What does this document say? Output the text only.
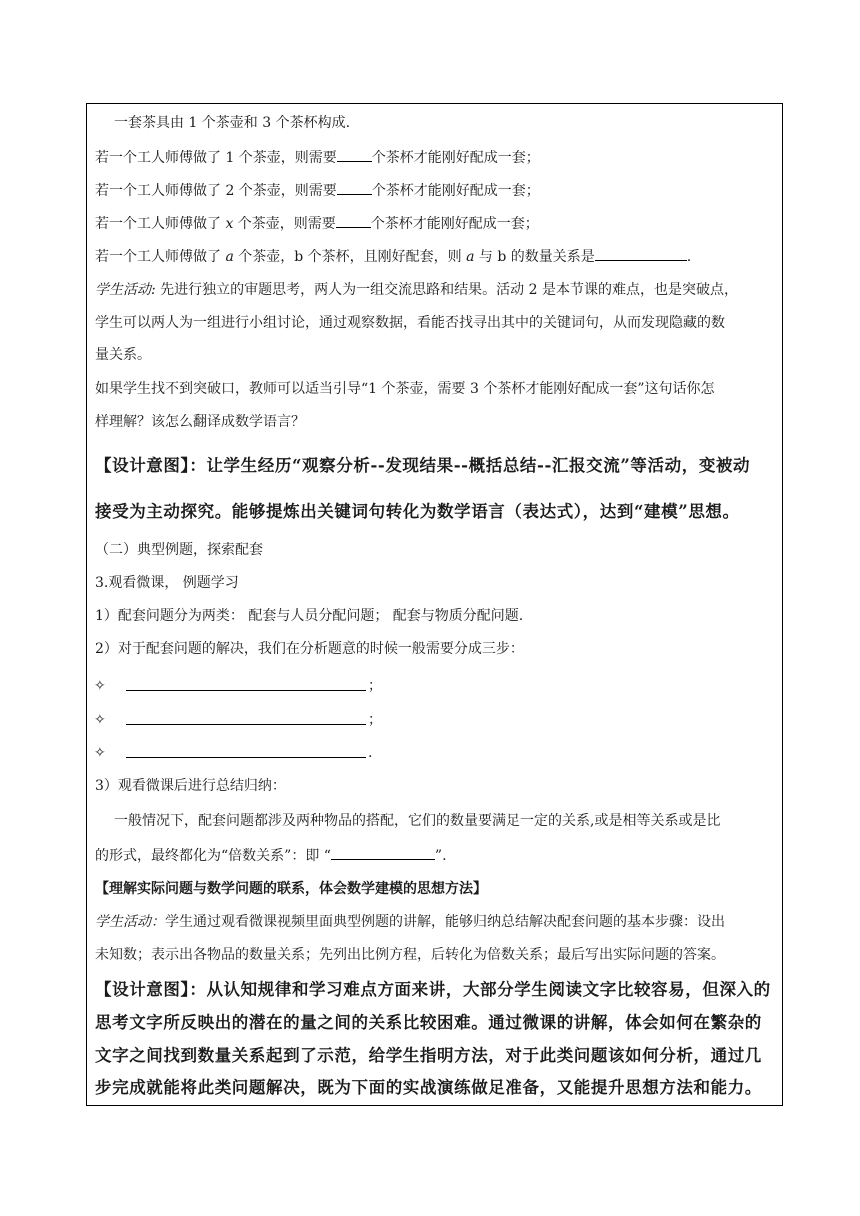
一套茶具由 1 个茶壶和 3 个茶杯构成.
若一个工人师傅做了 1 个茶壶，则需要	个茶杯才能刚好配成一套；
若一个工人师傅做了 2 个茶壶，则需要	个茶杯才能刚好配成一套；
若一个工人师傅做了 x 个茶壶，则需要	个茶杯才能刚好配成一套；
若一个工人师傅做了 a 个茶壶，b 个茶杯，且刚好配套，则 a 与 b 的数量关系是	.
学生活动: 先进行独立的审题思考，两人为一组交流思路和结果。活动 2 是本节课的难点，也是突破点，
学生可以两人为一组进行小组讨论，通过观察数据，看能否找寻出其中的关键词句，从而发现隐藏的数
量关系。
如果学生找不到突破口，教师可以适当引导“1 个茶壶，需要 3 个茶杯才能刚好配成一套”这句话你怎
样理解？该怎么翻译成数学语言？
【设计意图】：让学生经历“观察分析--发现结果--概括总结--汇报交流”等活动，变被动
接受为主动探究。能够提炼出关键词句转化为数学语言（表达式），达到“建模”思想。
（二）典型例题，探索配套
3.观看微课， 例题学习
1）配套问题分为两类： 配套与人员分配问题； 配套与物质分配问题.
2）对于配套问题的解决，我们在分析题意的时候一般需要分成三步：
✧	；
✧	；
✧	.
3）观看微课后进行总结归纳：
一般情况下，配套问题都涉及两种物品的搭配，它们的数量要满足一定的关系,或是相等关系或是比
的形式，最终都化为“倍数关系”：即 “	”.
【理解实际问题与数学问题的联系，体会数学建模的思想方法】
学生活动：学生通过观看微课视频里面典型例题的讲解，能够归纳总结解决配套问题的基本步骤：设出
未知数；表示出各物品的数量关系；先列出比例方程，后转化为倍数关系；最后写出实际问题的答案。
【设计意图】：从认知规律和学习难点方面来讲，大部分学生阅读文字比较容易，但深入的
思考文字所反映出的潜在的量之间的关系比较困难。通过微课的讲解，体会如何在繁杂的
文字之间找到数量关系起到了示范，给学生指明方法，对于此类问题该如何分析，通过几
步完成就能将此类问题解决，既为下面的实战演练做足准备，又能提升思想方法和能力。
